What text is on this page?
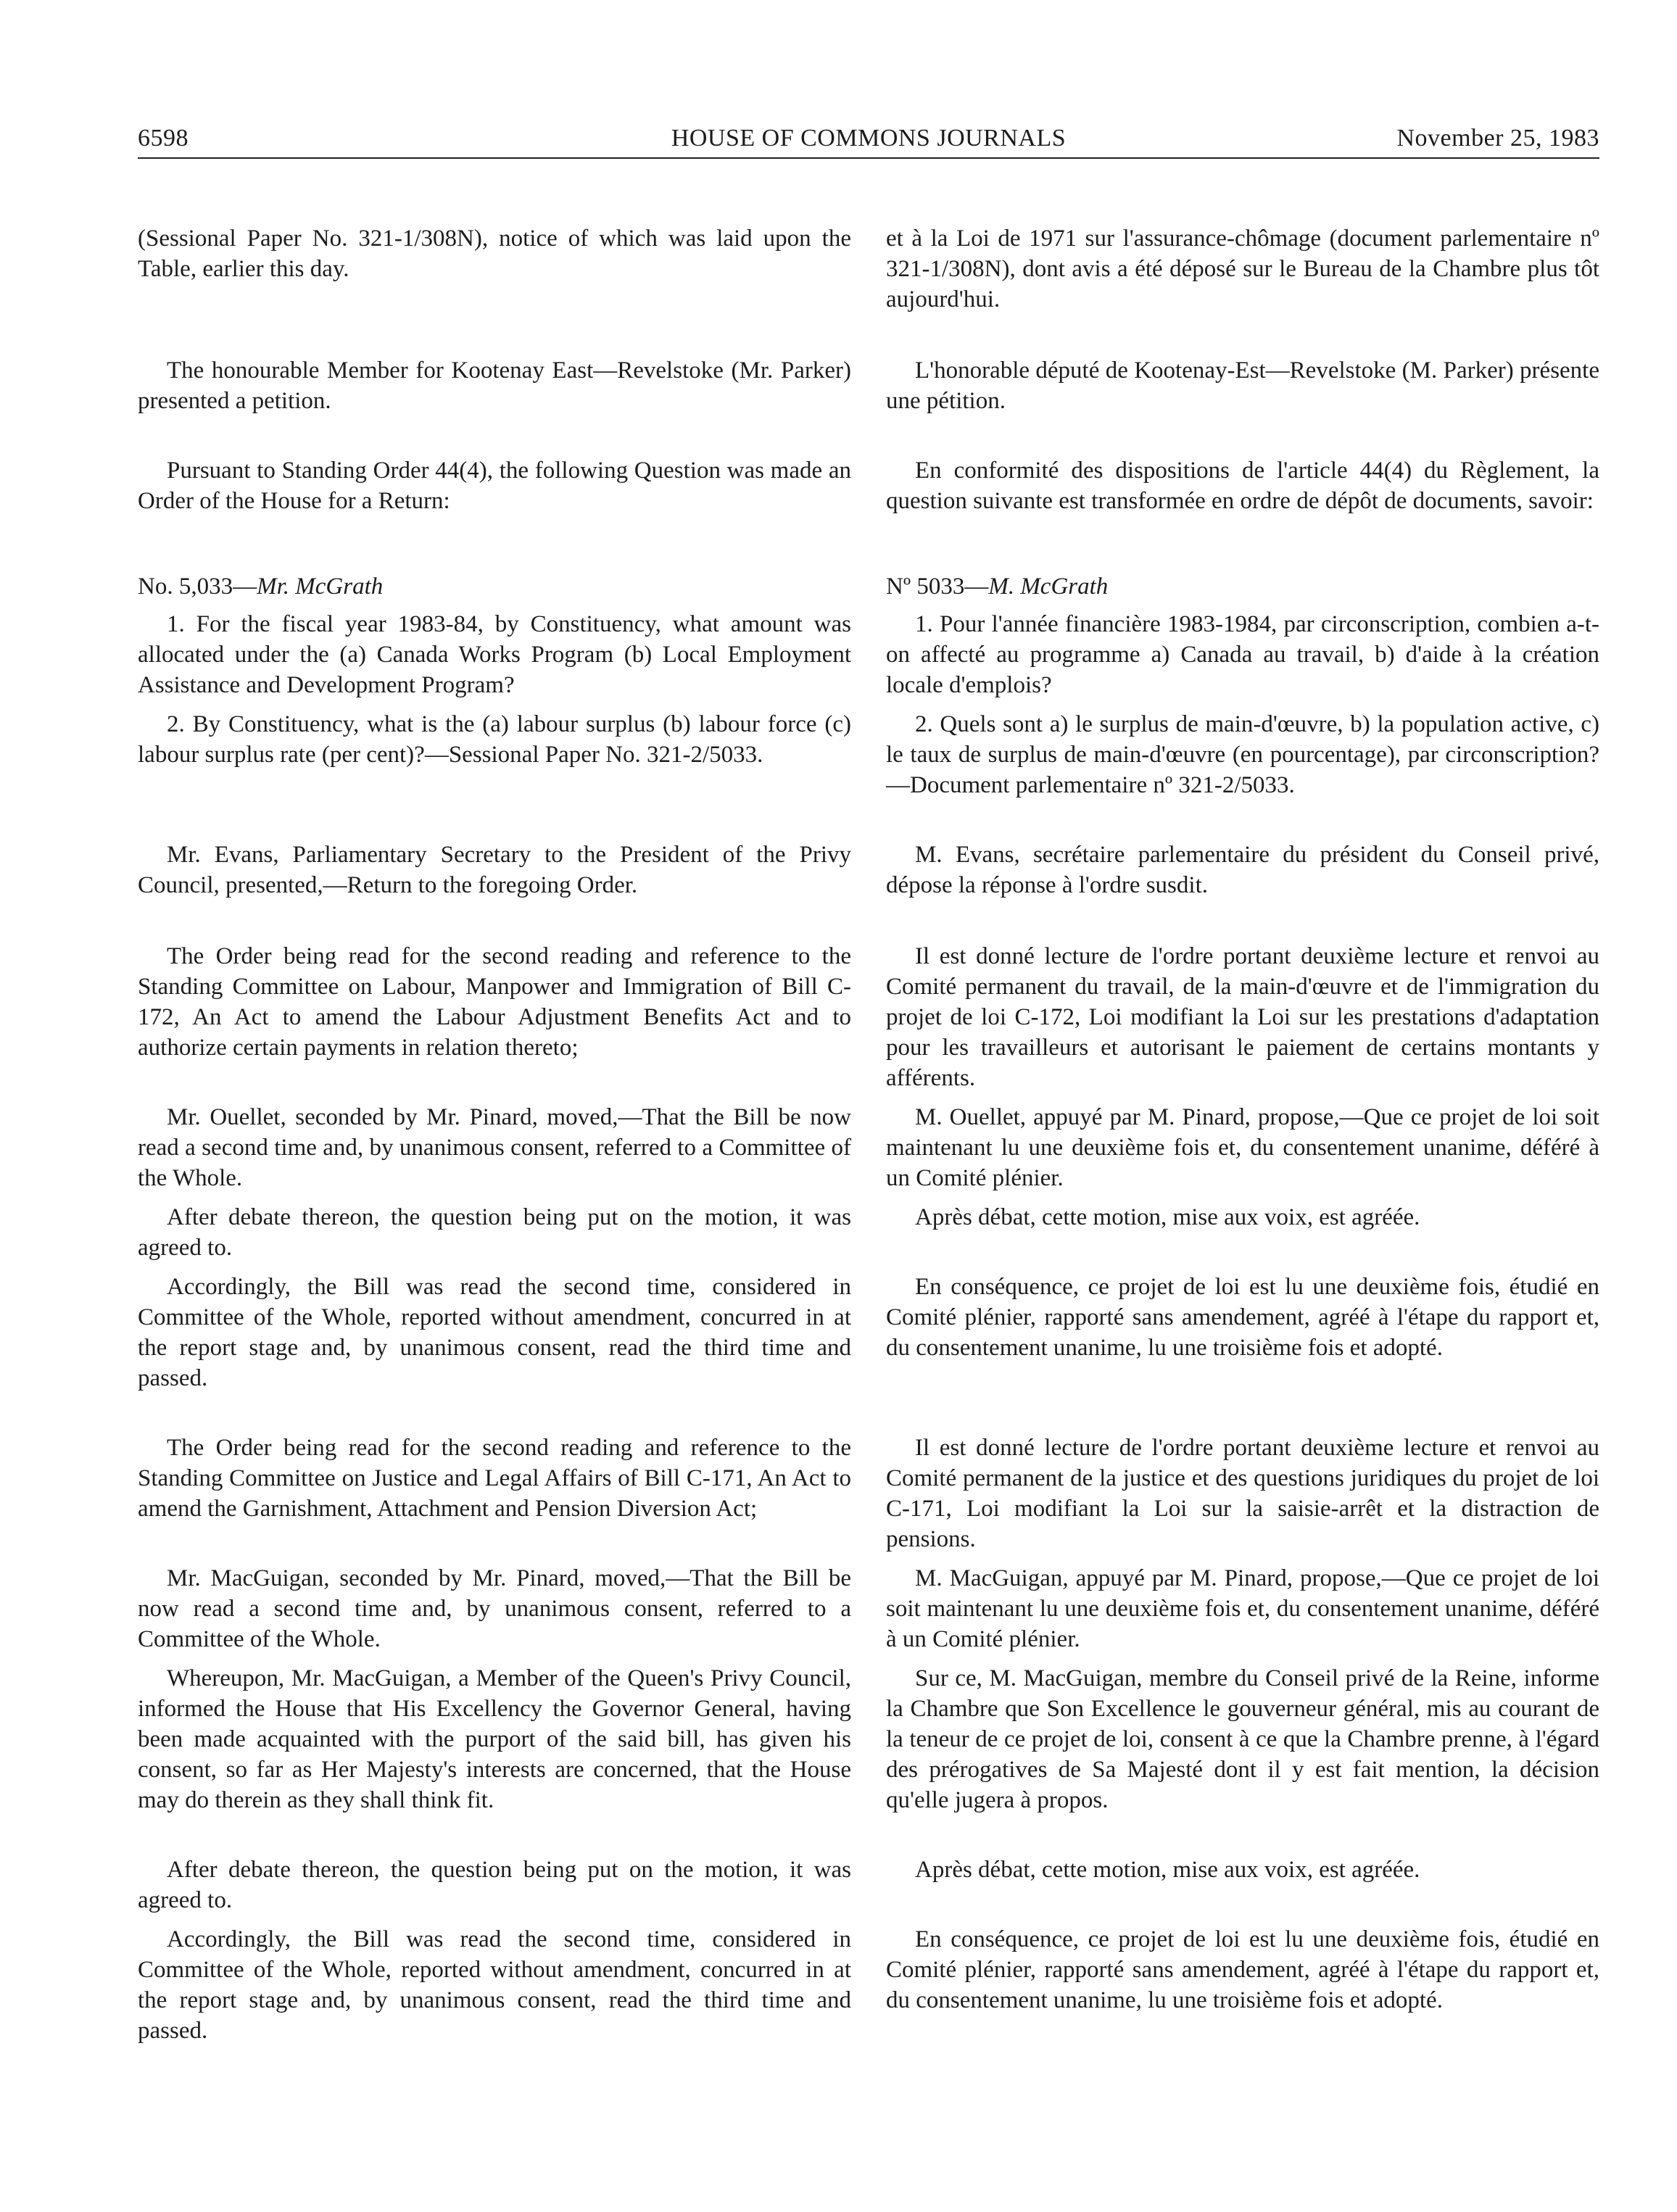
6598	HOUSE OF COMMONS JOURNALS	November 25, 1983

(Sessional Paper No. 321-1/308N), notice of which was laid upon the Table, earlier this day.

The honourable Member for Kootenay East—Revelstoke (Mr. Parker) presented a petition.

Pursuant to Standing Order 44(4), the following Question was made an Order of the House for a Return:

No. 5,033—Mr. McGrath

1. For the fiscal year 1983-84, by Constituency, what amount was allocated under the (a) Canada Works Program (b) Local Employment Assistance and Development Program?

2. By Constituency, what is the (a) labour surplus (b) labour force (c) labour surplus rate (per cent)?—Sessional Paper No. 321-2/5033.

Mr. Evans, Parliamentary Secretary to the President of the Privy Council, presented,—Return to the foregoing Order.

The Order being read for the second reading and reference to the Standing Committee on Labour, Manpower and Immigration of Bill C-172, An Act to amend the Labour Adjustment Benefits Act and to authorize certain payments in relation thereto;

Mr. Ouellet, seconded by Mr. Pinard, moved,—That the Bill be now read a second time and, by unanimous consent, referred to a Committee of the Whole.

After debate thereon, the question being put on the motion, it was agreed to.

Accordingly, the Bill was read the second time, considered in Committee of the Whole, reported without amendment, concurred in at the report stage and, by unanimous consent, read the third time and passed.

The Order being read for the second reading and reference to the Standing Committee on Justice and Legal Affairs of Bill C-171, An Act to amend the Garnishment, Attachment and Pension Diversion Act;

Mr. MacGuigan, seconded by Mr. Pinard, moved,—That the Bill be now read a second time and, by unanimous consent, referred to a Committee of the Whole.

Whereupon, Mr. MacGuigan, a Member of the Queen's Privy Council, informed the House that His Excellency the Governor General, having been made acquainted with the purport of the said bill, has given his consent, so far as Her Majesty's interests are concerned, that the House may do therein as they shall think fit.

After debate thereon, the question being put on the motion, it was agreed to.

Accordingly, the Bill was read the second time, considered in Committee of the Whole, reported without amendment, concurred in at the report stage and, by unanimous consent, read the third time and passed.

et à la Loi de 1971 sur l'assurance-chômage (document parlementaire nº 321-1/308N), dont avis a été déposé sur le Bureau de la Chambre plus tôt aujourd'hui.

L'honorable député de Kootenay-Est—Revelstoke (M. Parker) présente une pétition.

En conformité des dispositions de l'article 44(4) du Règlement, la question suivante est transformée en ordre de dépôt de documents, savoir:

Nº 5033—M. McGrath

1. Pour l'année financière 1983-1984, par circonscription, combien a-t-on affecté au programme a) Canada au travail, b) d'aide à la création locale d'emplois?

2. Quels sont a) le surplus de main-d'œuvre, b) la population active, c) le taux de surplus de main-d'œuvre (en pourcentage), par circonscription?—Document parlementaire nº 321-2/5033.

M. Evans, secrétaire parlementaire du président du Conseil privé, dépose la réponse à l'ordre susdit.

Il est donné lecture de l'ordre portant deuxième lecture et renvoi au Comité permanent du travail, de la main-d'œuvre et de l'immigration du projet de loi C-172, Loi modifiant la Loi sur les prestations d'adaptation pour les travailleurs et autorisant le paiement de certains montants y afférents.

M. Ouellet, appuyé par M. Pinard, propose,—Que ce projet de loi soit maintenant lu une deuxième fois et, du consentement unanime, déféré à un Comité plénier.

Après débat, cette motion, mise aux voix, est agréée.

En conséquence, ce projet de loi est lu une deuxième fois, étudié en Comité plénier, rapporté sans amendement, agréé à l'étape du rapport et, du consentement unanime, lu une troisième fois et adopté.

Il est donné lecture de l'ordre portant deuxième lecture et renvoi au Comité permanent de la justice et des questions juridiques du projet de loi C-171, Loi modifiant la Loi sur la saisie-arrêt et la distraction de pensions.

M. MacGuigan, appuyé par M. Pinard, propose,—Que ce projet de loi soit maintenant lu une deuxième fois et, du consentement unanime, déféré à un Comité plénier.

Sur ce, M. MacGuigan, membre du Conseil privé de la Reine, informe la Chambre que Son Excellence le gouverneur général, mis au courant de la teneur de ce projet de loi, consent à ce que la Chambre prenne, à l'égard des prérogatives de Sa Majesté dont il y est fait mention, la décision qu'elle jugera à propos.

Après débat, cette motion, mise aux voix, est agréée.

En conséquence, ce projet de loi est lu une deuxième fois, étudié en Comité plénier, rapporté sans amendement, agréé à l'étape du rapport et, du consentement unanime, lu une troisième fois et adopté.
